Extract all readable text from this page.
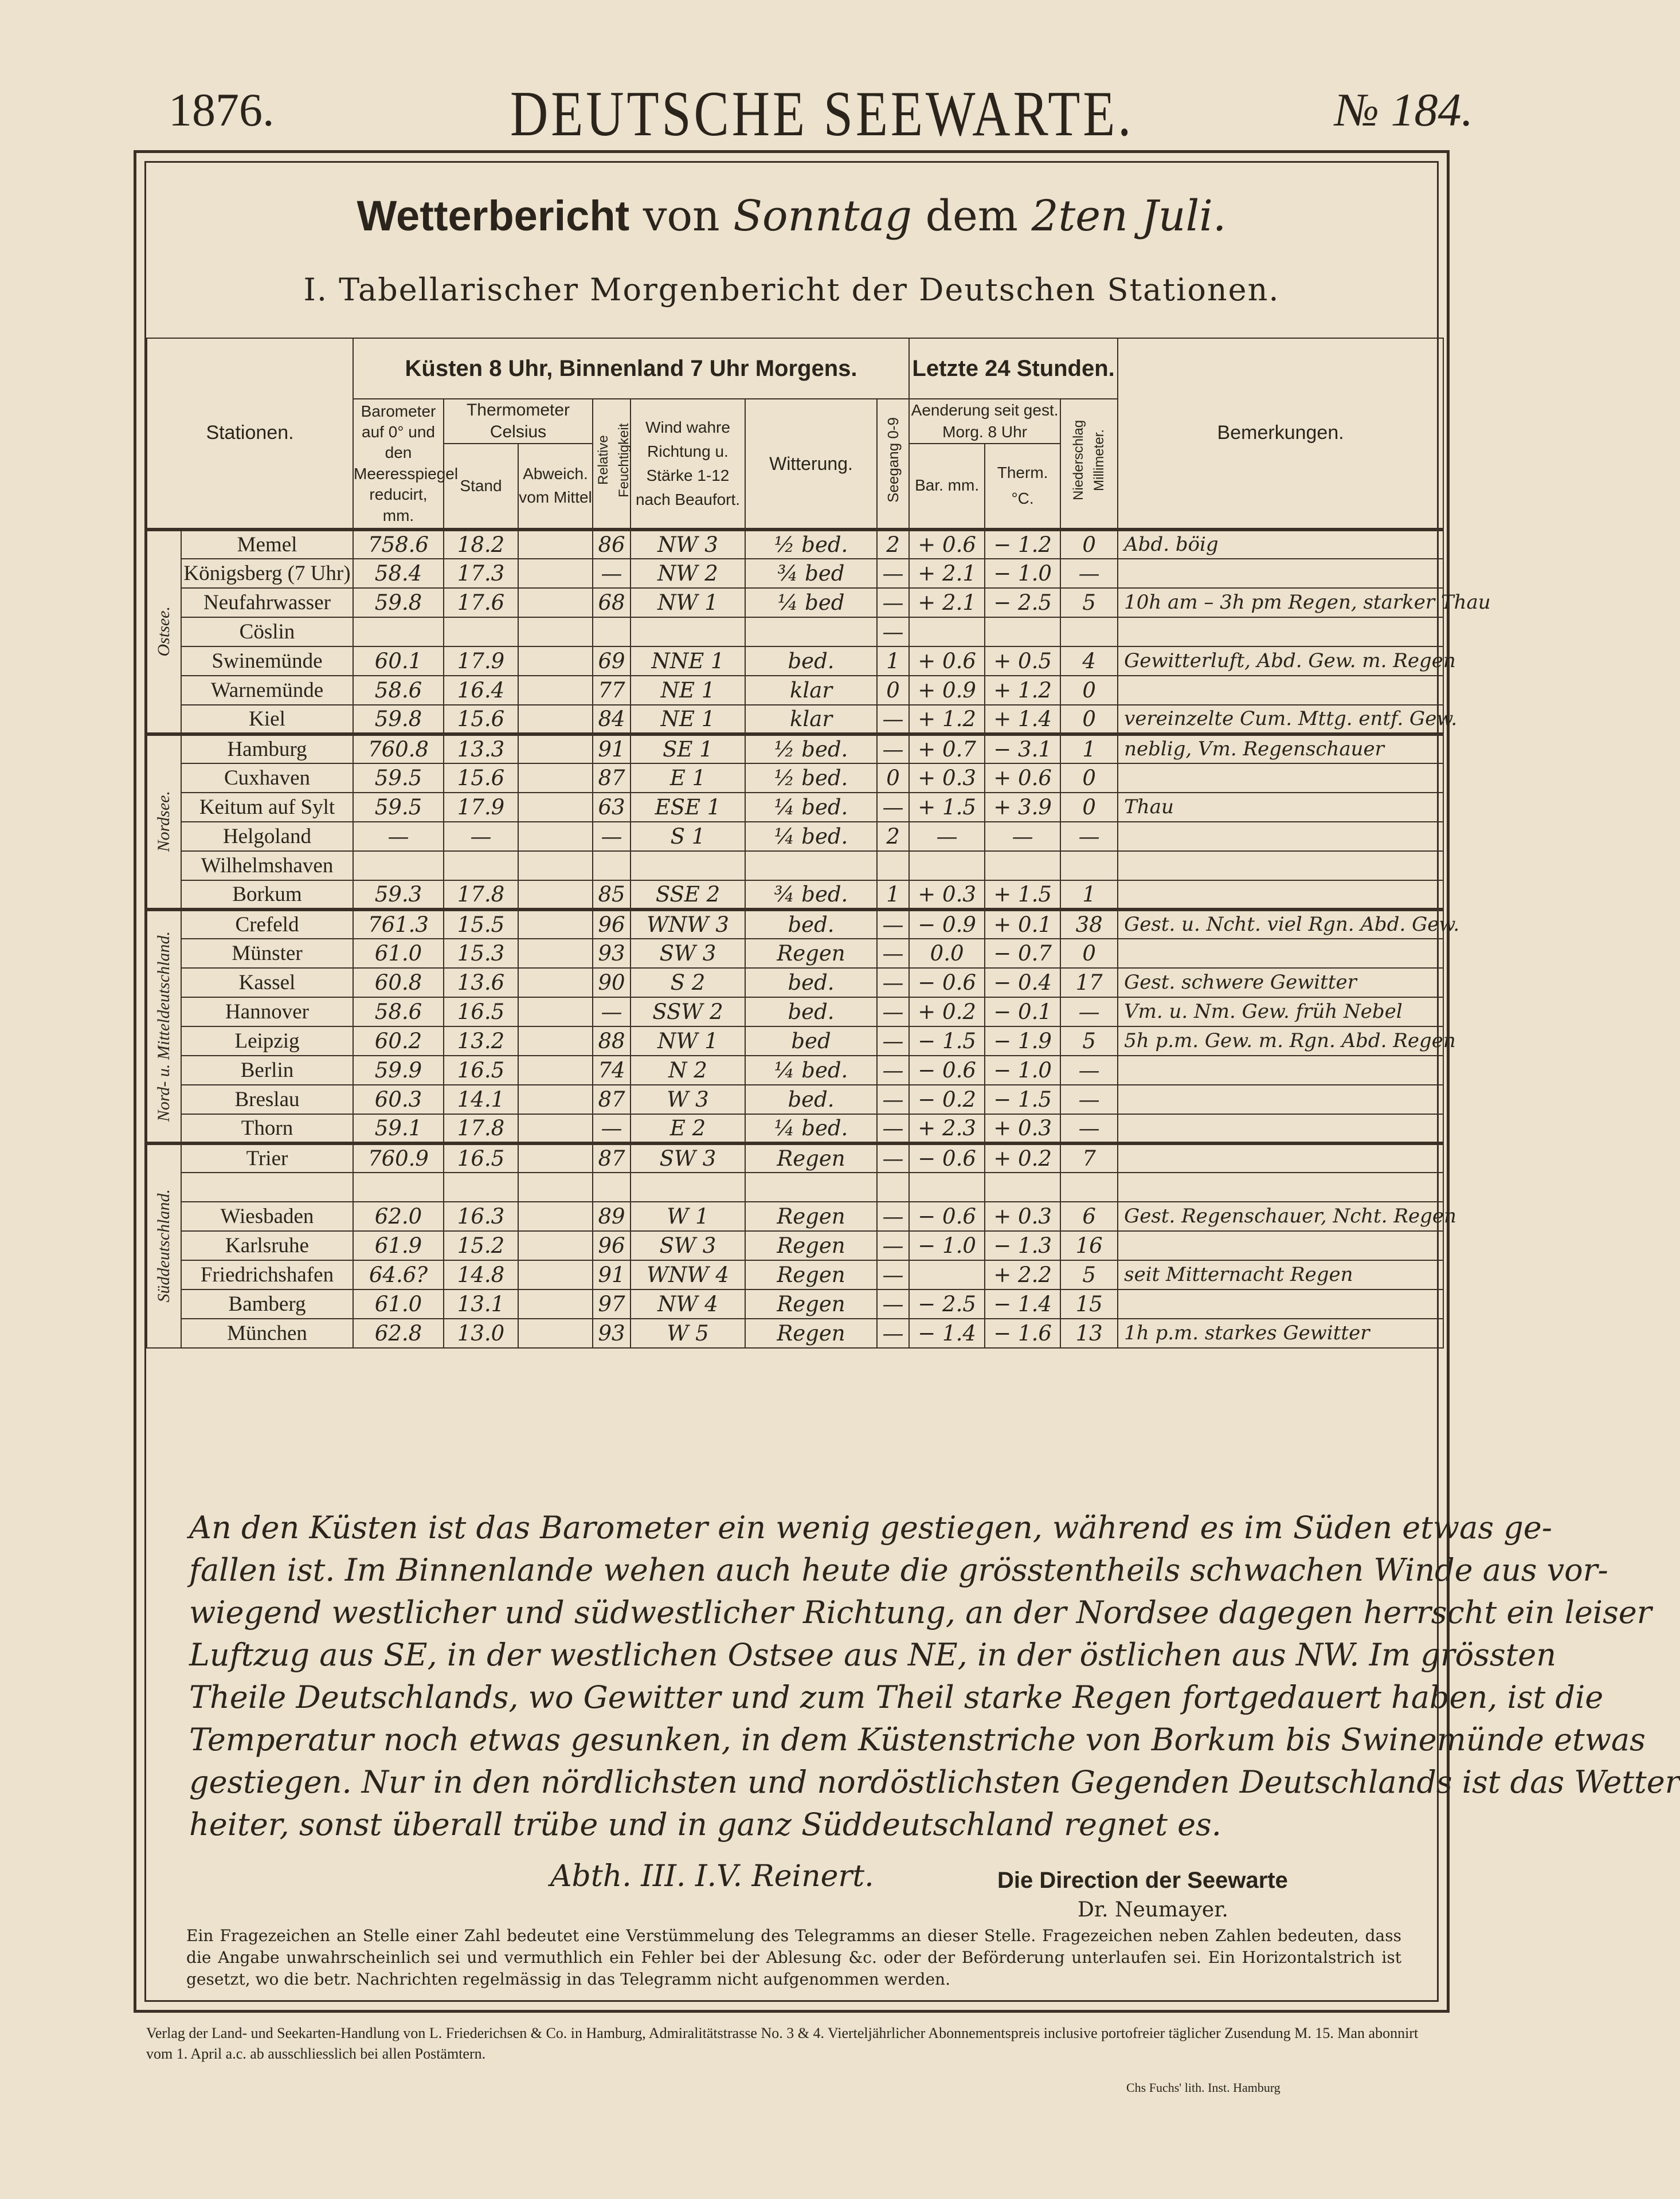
1876.	DEUTSCHE SEEWARTE.	№ 184.
Wetterbericht von Sonntag dem 2ten Juli.
I. Tabellarischer Morgenbericht der Deutschen Stationen.
Stationen.		Küsten 8 Uhr, Binnenland 7 Uhr Morgens.							Letzte 24 Stunden.			Bemerkungen.
		Barometer auf 0° und den Meeresspiegel reducirt, mm.	Thermometer Celsius		Relative Feuchtigkeit	Wind wahre Richtung u. Stärke 1-12 nach Beaufort.	Witterung.	Seegang 0-9	Aenderung seit gest. Morg. 8 Uhr		Niederschlag Millimeter.	
			Stand	Abweich. vom Mittel					Bar. mm.	Therm. °C.		

Ostsee.	Memel	758.6	18.2		86	NW 3	½ bed.	2	+ 0.6	− 1.2	0	Abd. böig
	Königsberg (7 Uhr)	58.4	17.3		—	NW 2	¾ bed	—	+ 2.1	− 1.0	—	
	Neufahrwasser	59.8	17.6		68	NW 1	¼ bed	—	+ 2.1	− 2.5	5	10h am – 3h pm Regen, starker Thau
	Cöslin							—				
	Swinemünde	60.1	17.9		69	NNE 1	bed.	1	+ 0.6	+ 0.5	4	Gewitterluft, Abd. Gew. m. Regen
	Warnemünde	58.6	16.4		77	NE 1	klar	0	+ 0.9	+ 1.2	0	
	Kiel	59.8	15.6		84	NE 1	klar	—	+ 1.2	+ 1.4	0	vereinzelte Cum. Mttg. entf. Gew.

Nordsee.	Hamburg	760.8	13.3		91	SE 1	½ bed.	—	+ 0.7	− 3.1	1	neblig, Vm. Regenschauer
	Cuxhaven	59.5	15.6		87	E 1	½ bed.	0	+ 0.3	+ 0.6	0	
	Keitum auf Sylt	59.5	17.9		63	ESE 1	¼ bed.	—	+ 1.5	+ 3.9	0	Thau
	Helgoland	—	—		—	S 1	¼ bed.	2	—	—	—	
	Wilhelmshaven											
	Borkum	59.3	17.8		85	SSE 2	¾ bed.	1	+ 0.3	+ 1.5	1	

Nord- u. Mitteldeutschland.	Crefeld	761.3	15.5		96	WNW 3	bed.	—	− 0.9	+ 0.1	38	Gest. u. Ncht. viel Rgn. Abd. Gew.
	Münster	61.0	15.3		93	SW 3	Regen	—	0.0	− 0.7	0	
	Kassel	60.8	13.6		90	S 2	bed.	—	− 0.6	− 0.4	17	Gest. schwere Gewitter
	Hannover	58.6	16.5		—	SSW 2	bed.	—	+ 0.2	− 0.1	—	Vm. u. Nm. Gew. früh Nebel
	Leipzig	60.2	13.2		88	NW 1	bed	—	− 1.5	− 1.9	5	5h p.m. Gew. m. Rgn. Abd. Regen
	Berlin	59.9	16.5		74	N 2	¼ bed.	—	− 0.6	− 1.0	—	
	Breslau	60.3	14.1		87	W 3	bed.	—	− 0.2	− 1.5	—	
	Thorn	59.1	17.8		—	E 2	¼ bed.	—	+ 2.3	+ 0.3	—	

Süddeutschland.	Trier	760.9	16.5		87	SW 3	Regen	—	− 0.6	+ 0.2	7	

	Wiesbaden	62.0	16.3		89	W 1	Regen	—	− 0.6	+ 0.3	6	Gest. Regenschauer, Ncht. Regen
	Karlsruhe	61.9	15.2		96	SW 3	Regen	—	− 1.0	− 1.3	16	
	Friedrichshafen	64.6?	14.8		91	WNW 4	Regen	—		+ 2.2	5	seit Mitternacht Regen
	Bamberg	61.0	13.1		97	NW 4	Regen	—	− 2.5	− 1.4	15	
	München	62.8	13.0		93	W 5	Regen	—	− 1.4	− 1.6	13	1h p.m. starkes Gewitter
An den Küsten ist das Barometer ein wenig gestiegen, während es im Süden etwas ge-
fallen ist. Im Binnenlande wehen auch heute die grösstentheils schwachen Winde aus vor-
wiegend westlicher und südwestlicher Richtung, an der Nordsee dagegen herrscht ein leiser
Luftzug aus SE, in der westlichen Ostsee aus NE, in der östlichen aus NW. Im grössten
Theile Deutschlands, wo Gewitter und zum Theil starke Regen fortgedauert haben, ist die
Temperatur noch etwas gesunken, in dem Küstenstriche von Borkum bis Swinemünde etwas
gestiegen. Nur in den nördlichsten und nordöstlichsten Gegenden Deutschlands ist das Wetter
heiter, sonst überall trübe und in ganz Süddeutschland regnet es.
Abth. III. I.V. Reinert.	Die Direction der Seewarte
Dr. Neumayer.
Ein Fragezeichen an Stelle einer Zahl bedeutet eine Verstümmelung des Telegramms an dieser Stelle. Fragezeichen neben Zahlen bedeuten, dass die Angabe unwahrscheinlich sei und vermuthlich ein Fehler bei der Ablesung &c. oder der Beförderung unterlaufen sei. Ein Horizontalstrich ist gesetzt, wo die betr. Nachrichten regelmässig in das Telegramm nicht aufgenommen werden.
Verlag der Land- und Seekarten-Handlung von L. Friederichsen & Co. in Hamburg, Admiralitätstrasse No. 3 & 4. Vierteljährlicher Abonnementspreis inclusive portofreier täglicher Zusendung M. 15. Man abonnirt vom 1. April a.c. ab ausschliesslich bei allen Postämtern.
Chs Fuchs' lith. Inst. Hamburg
